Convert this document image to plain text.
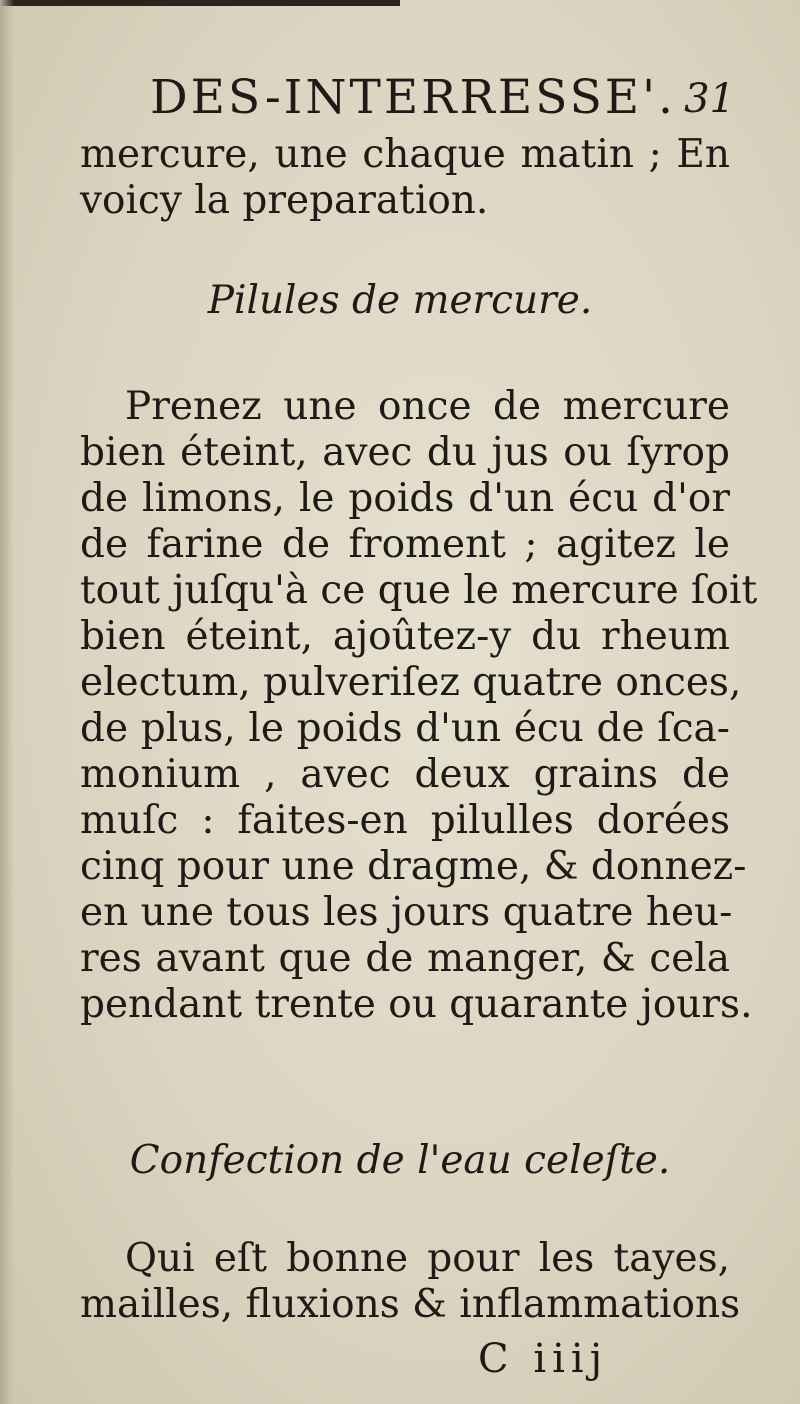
DES-INTERRESSE'. 31
mercure, une chaque matin ; En
voicy la preparation.
Pilules de mercure.
Prenez une once de mercure
bien éteint, avec du jus ou ſyrop
de limons, le poids d'un écu d'or
de farine de froment ; agitez le
tout juſqu'à ce que le mercure ſoit
bien éteint, ajoûtez-y du rheum
electum, pulveriſez quatre onces,
de plus, le poids d'un écu de ſca-
monium , avec deux grains de
muſc : faites-en pilulles dorées
cinq pour une dragme, & donnez-
en une tous les jours quatre heu-
res avant que de manger, & cela
pendant trente ou quarante jours.
Confection de l'eau celeſte.
Qui eſt bonne pour les tayes,
mailles, fluxions & inflammations
C iiij
